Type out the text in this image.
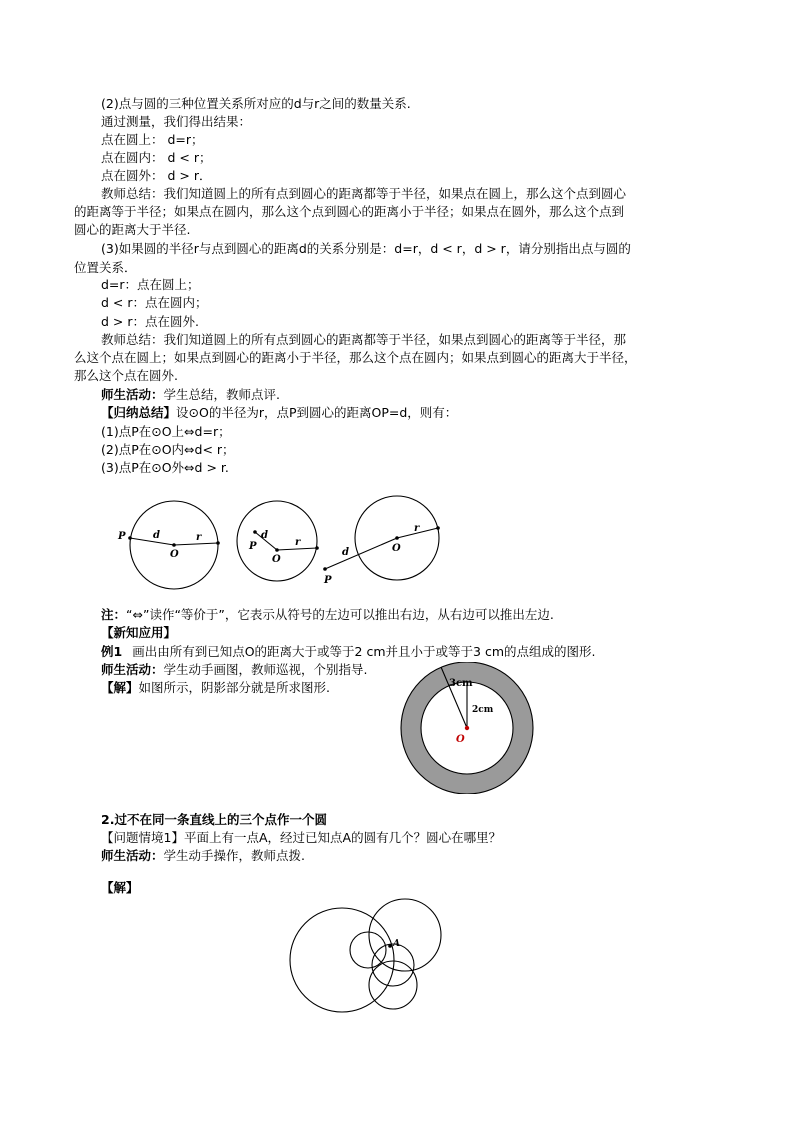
(2)点与圆的三种位置关系所对应的d与r之间的数量关系.
通过测量，我们得出结果：
点在圆上： d=r；
点在圆内： d < r；
点在圆外： d > r．
教师总结：我们知道圆上的所有点到圆心的距离都等于半径，如果点在圆上，那么这个点到圆心
的距离等于半径；如果点在圆内，那么这个点到圆心的距离小于半径；如果点在圆外，那么这个点到
圆心的距离大于半径.
(3)如果圆的半径r与点到圆心的距离d的关系分别是：d=r，d < r，d > r，请分别指出点与圆的
位置关系．
d=r：点在圆上；
d < r：点在圆内；
d > r：点在圆外.
教师总结：我们知道圆上的所有点到圆心的距离都等于半径，如果点到圆心的距离等于半径，那
么这个点在圆上；如果点到圆心的距离小于半径，那么这个点在圆内；如果点到圆心的距离大于半径，
那么这个点在圆外.
师生活动：学生总结，教师点评.
【归纳总结】设⊙O的半径为r，点P到圆心的距离OP=d，则有：
(1)点P在⊙O上⇔d=r；
(2)点P在⊙O内⇔d< r；
(3)点P在⊙O外⇔d > r.
P	d
O
r
P
d
O
r
P
d	O
r
注：“⇔”读作“等价于”，它表示从符号的左边可以推出右边，从右边可以推出左边.
【新知应用】
例1 画出由所有到已知点O的距离大于或等于2 cm并且小于或等于3 cm的点组成的图形.
师生活动：学生动手画图，教师巡视，个别指导.
【解】如图所示，阴影部分就是所求图形.	3cm
2cm
O
2.过不在同一条直线上的三个点作一个圆
【问题情境1】平面上有一点A，经过已知点A的圆有几个？圆心在哪里？
师生活动：学生动手操作，教师点拨.
【解】
A
